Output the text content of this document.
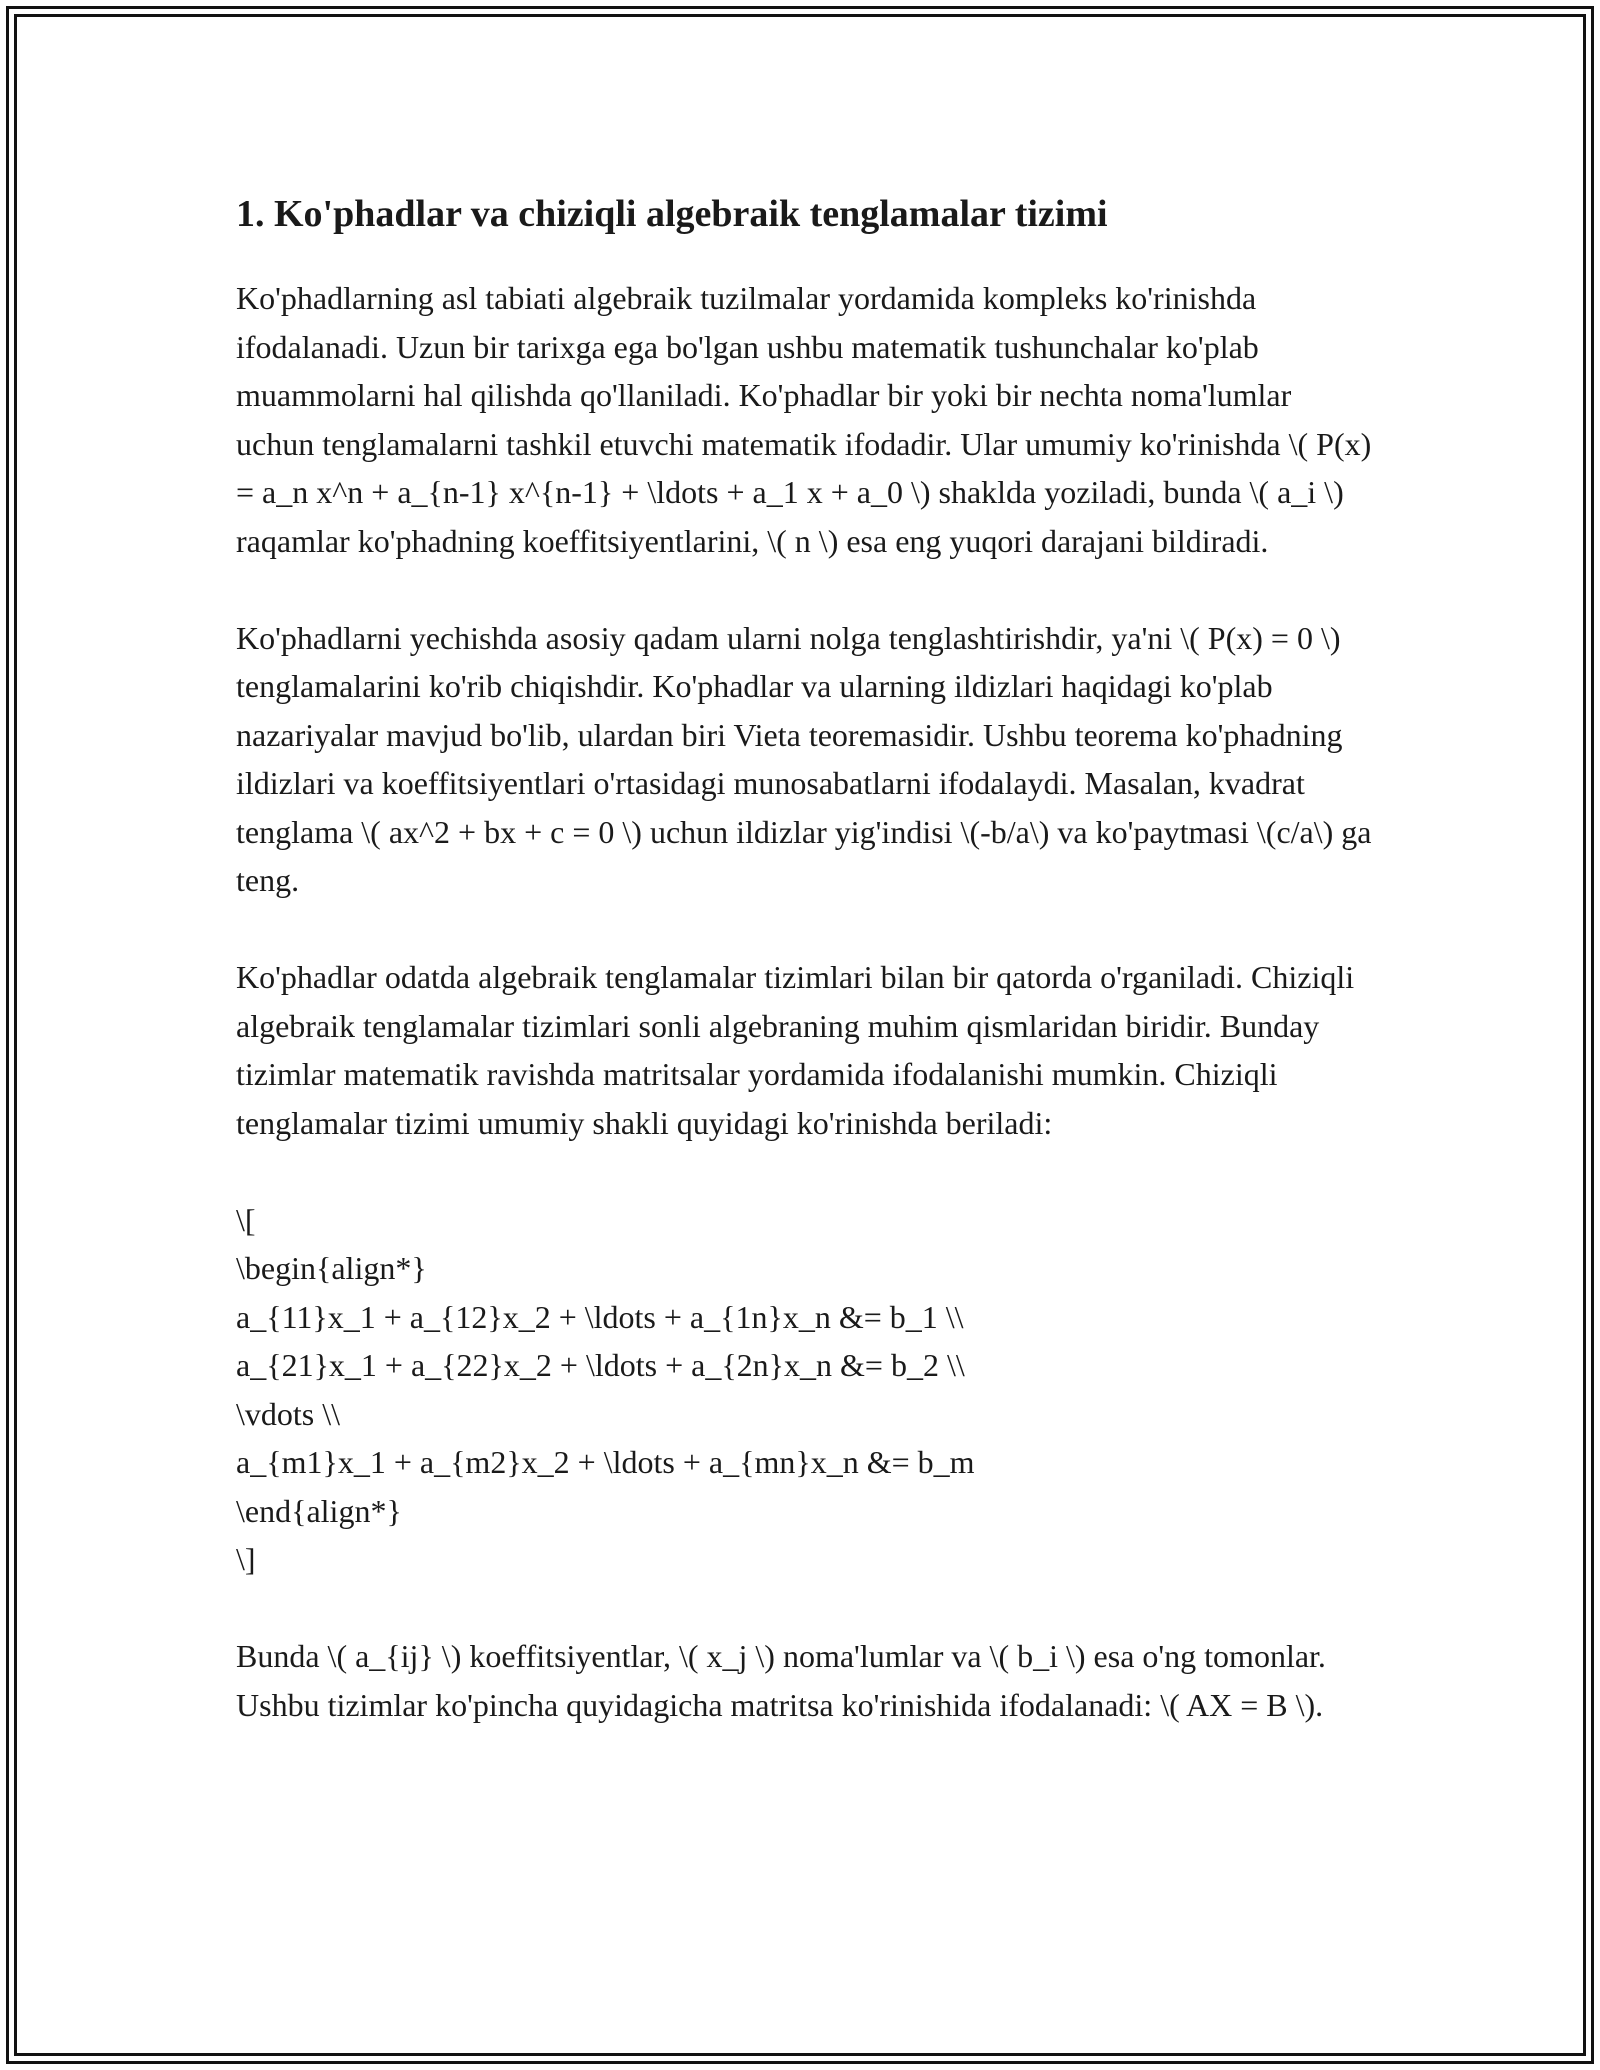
1. Ko'phadlar va chiziqli algebraik tenglamalar tizimi

Ko'phadlarning asl tabiati algebraik tuzilmalar yordamida kompleks ko'rinishda ifodalanadi. Uzun bir tarixga ega bo'lgan ushbu matematik tushunchalar ko'plab muammolarni hal qilishda qo'llaniladi. Ko'phadlar bir yoki bir nechta noma'lumlar uchun tenglamalarni tashkil etuvchi matematik ifodadir. Ular umumiy ko'rinishda \( P(x) = a_n x^n + a_{n-1} x^{n-1} + \ldots + a_1 x + a_0 \) shaklda yoziladi, bunda \( a_i \) raqamlar ko'phadning koeffitsiyentlarini, \( n \) esa eng yuqori darajani bildiradi.

Ko'phadlarni yechishda asosiy qadam ularni nolga tenglashtirishdir, ya'ni \( P(x) = 0 \) tenglamalarini ko'rib chiqishdir. Ko'phadlar va ularning ildizlari haqidagi ko'plab nazariyalar mavjud bo'lib, ulardan biri Vieta teoremasidir. Ushbu teorema ko'phadning ildizlari va koeffitsiyentlari o'rtasidagi munosabatlarni ifodalaydi. Masalan, kvadrat tenglama \( ax^2 + bx + c = 0 \) uchun ildizlar yig'indisi \(-b/a\) va ko'paytmasi \(c/a\) ga teng.

Ko'phadlar odatda algebraik tenglamalar tizimlari bilan bir qatorda o'rganiladi. Chiziqli algebraik tenglamalar tizimlari sonli algebraning muhim qismlaridan biridir. Bunday tizimlar matematik ravishda matritsalar yordamida ifodalanishi mumkin. Chiziqli tenglamalar tizimi umumiy shakli quyidagi ko'rinishda beriladi:

\[
\begin{align*}
a_{11}x_1 + a_{12}x_2 + \ldots + a_{1n}x_n &= b_1 \\
a_{21}x_1 + a_{22}x_2 + \ldots + a_{2n}x_n &= b_2 \\
\vdots \\
a_{m1}x_1 + a_{m2}x_2 + \ldots + a_{mn}x_n &= b_m
\end{align*}
\]

Bunda \( a_{ij} \) koeffitsiyentlar, \( x_j \) noma'lumlar va \( b_i \) esa o'ng tomonlar. Ushbu tizimlar ko'pincha quyidagicha matritsa ko'rinishida ifodalanadi: \( AX = B \).
